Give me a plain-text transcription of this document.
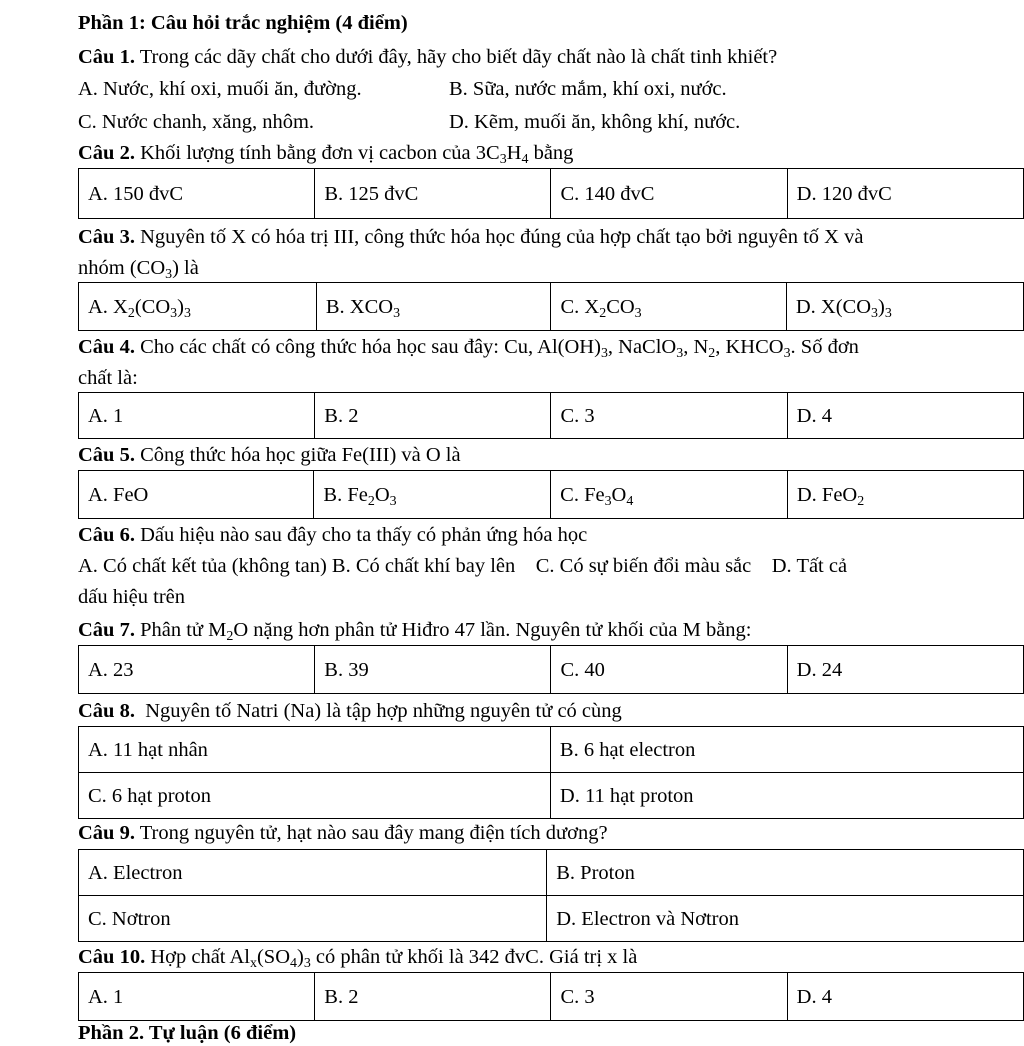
Phần 1: Câu hỏi trắc nghiệm (4 điểm)
Câu 1. Trong các dãy chất cho dưới đây, hãy cho biết dãy chất nào là chất tinh khiết?
A. Nước, khí oxi, muối ăn, đường.	B. Sữa, nước mắm, khí oxi, nước.
C. Nước chanh, xăng, nhôm.	D. Kẽm, muối ăn, không khí, nước.
Câu 2. Khối lượng tính bằng đơn vị cacbon của $3C_3H_4$ bằng
A. 150 đvC	B. 125 đvC	C. 140 đvC	D. 120 đvC
Câu 3. Nguyên tố X có hóa trị III, công thức hóa học đúng của hợp chất tạo bởi nguyên tố X và
nhóm $(CO_3)$ là
A. $X_2(CO_3)_3$	B. $XCO_3$	C. $X_2CO_3$	D. $X(CO_3)_3$
Câu 4. Cho các chất có công thức hóa học sau đây: Cu, $Al(OH)_3$, NaClO$_3$, $N_2$, $KHCO_3$. Số đơn
chất là:
A. 1	B. 2	C. 3	D. 4
Câu 5. Công thức hóa học giữa Fe(III) và O là
A. FeO	B. $Fe_2O_3$	C. $Fe_3O_4$	D. FeO$_2$
Câu 6. Dấu hiệu nào sau đây cho ta thấy có phản ứng hóa học
A. Có chất kết tủa (không tan) B. Có chất khí bay lên    C. Có sự biến đổi màu sắc    D. Tất cả
dấu hiệu trên
Câu 7. Phân tử $M_2O$ nặng hơn phân tử Hiđro 47 lần. Nguyên tử khối của M bằng:
A. 23	B. 39	C. 40	D. 24
Câu 8.  Nguyên tố Natri (Na) là tập hợp những nguyên tử có cùng
A. 11 hạt nhân	B. 6 hạt electron
C. 6 hạt proton	D. 11 hạt proton
Câu 9. Trong nguyên tử, hạt nào sau đây mang điện tích dương?
A. Electron	B. Proton
C. Nơtron	D. Electron và Nơtron
Câu 10. Hợp chất $Al_x(SO_4)_3$ có phân tử khối là 342 đvC. Giá trị x là
A. 1	B. 2	C. 3	D. 4
Phần 2. Tự luận (6 điểm)
